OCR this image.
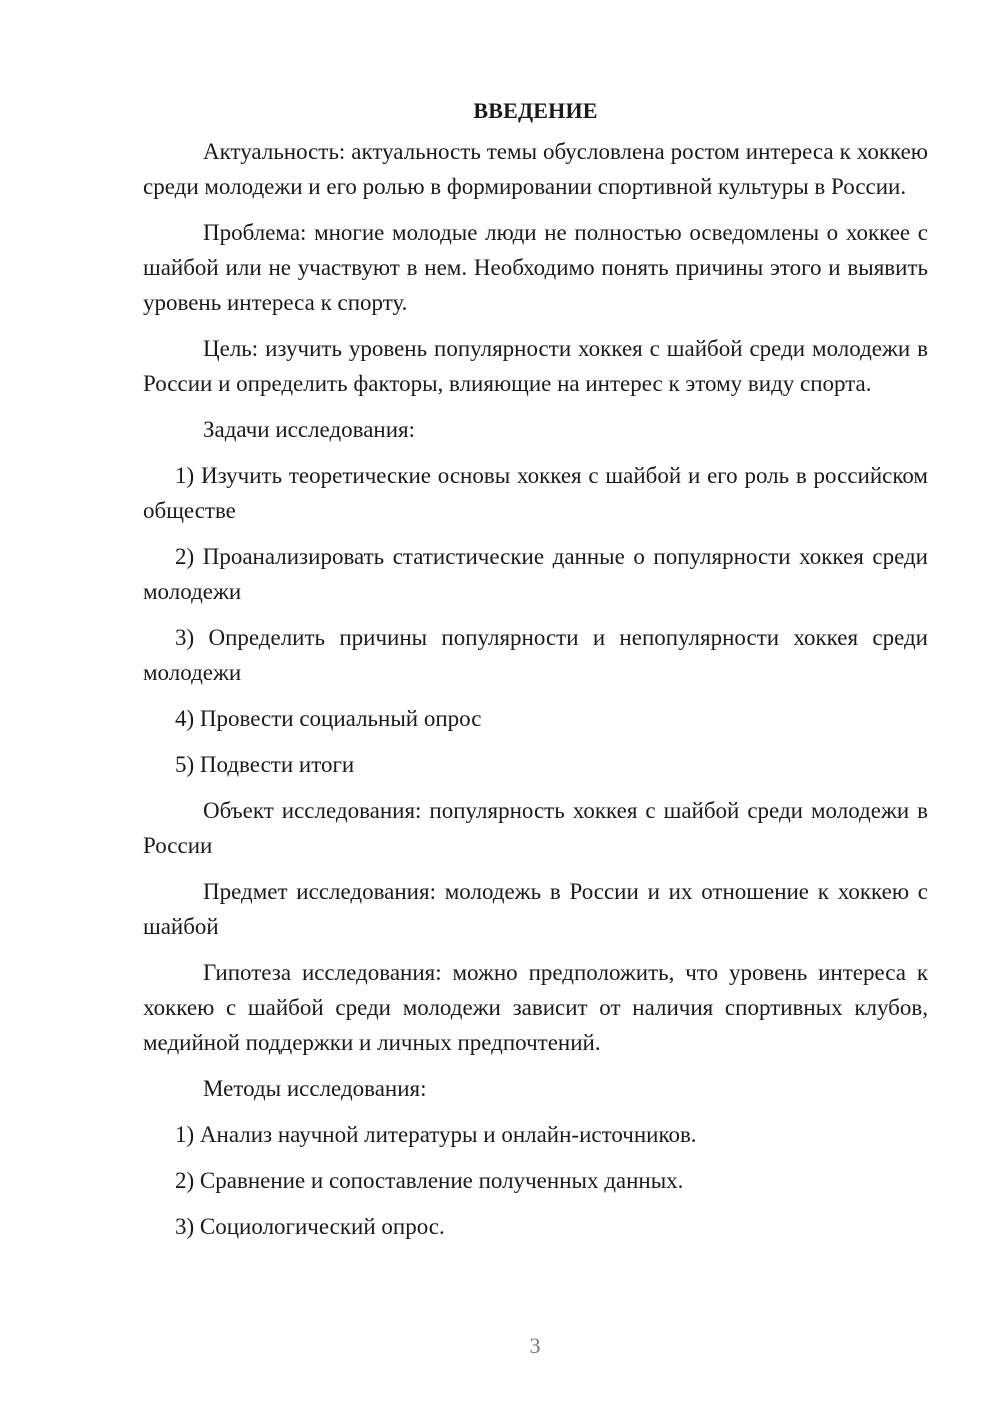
ВВЕДЕНИЕ

Актуальность: актуальность темы обусловлена ростом интереса к хоккею среди молодежи и его ролью в формировании спортивной культуры в России.

Проблема: многие молодые люди не полностью осведомлены о хоккее с шайбой или не участвуют в нем. Необходимо понять причины этого и выявить уровень интереса к спорту.

Цель: изучить уровень популярности хоккея с шайбой среди молодежи в России и определить факторы, влияющие на интерес к этому виду спорта.

Задачи исследования:

1) Изучить теоретические основы хоккея с шайбой и его роль в российском обществе

2) Проанализировать статистические данные о популярности хоккея среди молодежи

3) Определить причины популярности и непопулярности хоккея среди молодежи

4) Провести социальный опрос

5) Подвести итоги

Объект исследования: популярность хоккея с шайбой среди молодежи в России

Предмет исследования: молодежь в России и их отношение к хоккею с шайбой

Гипотеза исследования: можно предположить, что уровень интереса к хоккею с шайбой среди молодежи зависит от наличия спортивных клубов, медийной поддержки и личных предпочтений.

Методы исследования:

1) Анализ научной литературы и онлайн-источников.

2) Сравнение и сопоставление полученных данных.

3) Социологический опрос.

3
